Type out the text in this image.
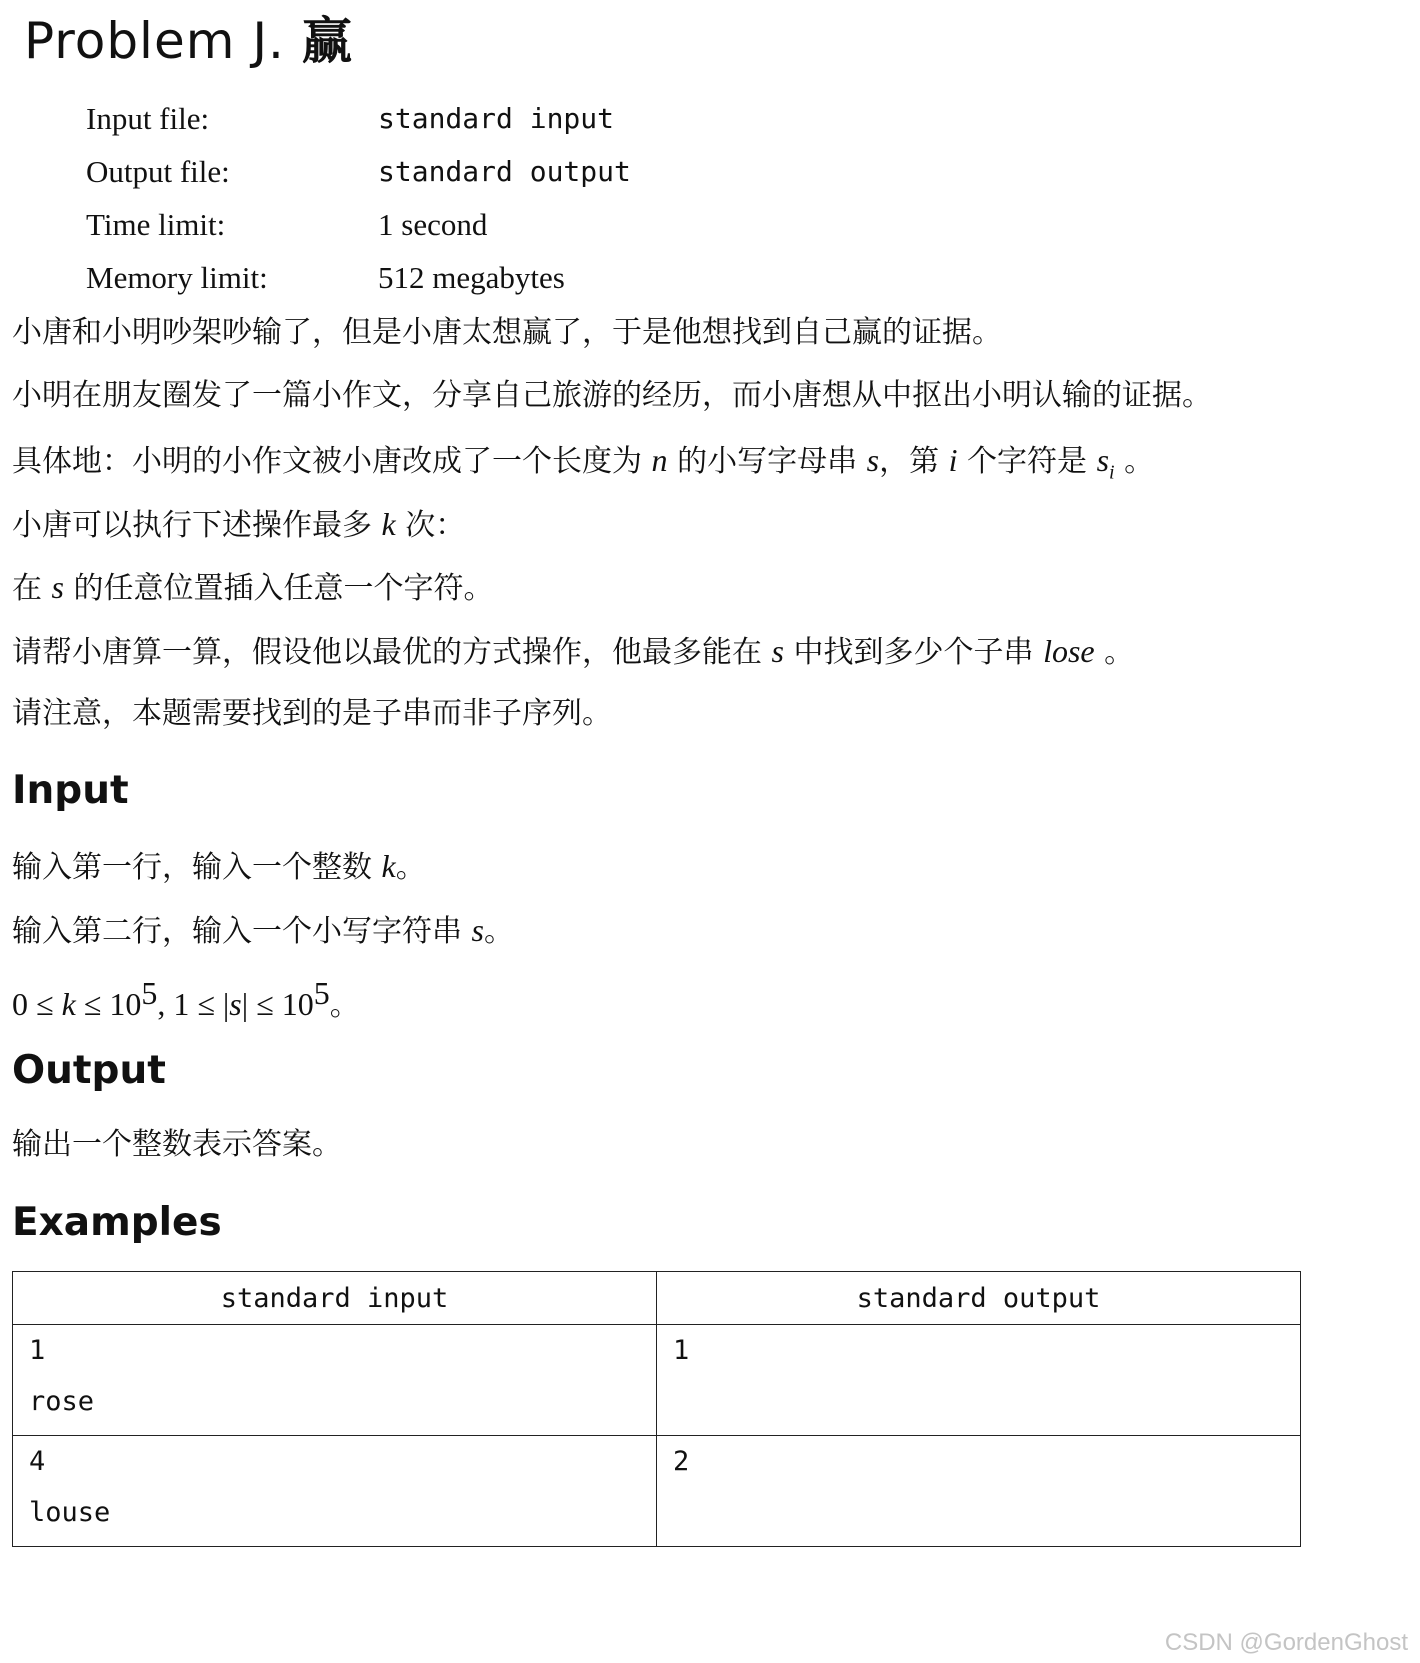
Problem J. 赢
Input file:	standard input
Output file:	standard output
Time limit:	1 second
Memory limit:	512 megabytes

小唐和小明吵架吵输了，但是小唐太想赢了，于是他想找到自己赢的证据。

小明在朋友圈发了一篇小作文，分享自己旅游的经历，而小唐想从中抠出小明认输的证据。

具体地：小明的小作文被小唐改成了一个长度为 n 的小写字母串 s，第 i 个字符是 $s_i$ 。

小唐可以执行下述操作最多 k 次：

在 s 的任意位置插入任意一个字符。

请帮小唐算一算，假设他以最优的方式操作，他最多能在 s 中找到多少个子串 lose 。

请注意，本题需要找到的是子串而非子序列。

Input

输入第一行，输入一个整数 k。

输入第二行，输入一个小写字符串 s。

$0 \le k \le 10^5$, $1 \le |s| \le 10^5$。

Output

输出一个整数表示答案。

Examples
standard input	standard output

1
rose	1

4
louse	2
CSDN @GordenGhost
